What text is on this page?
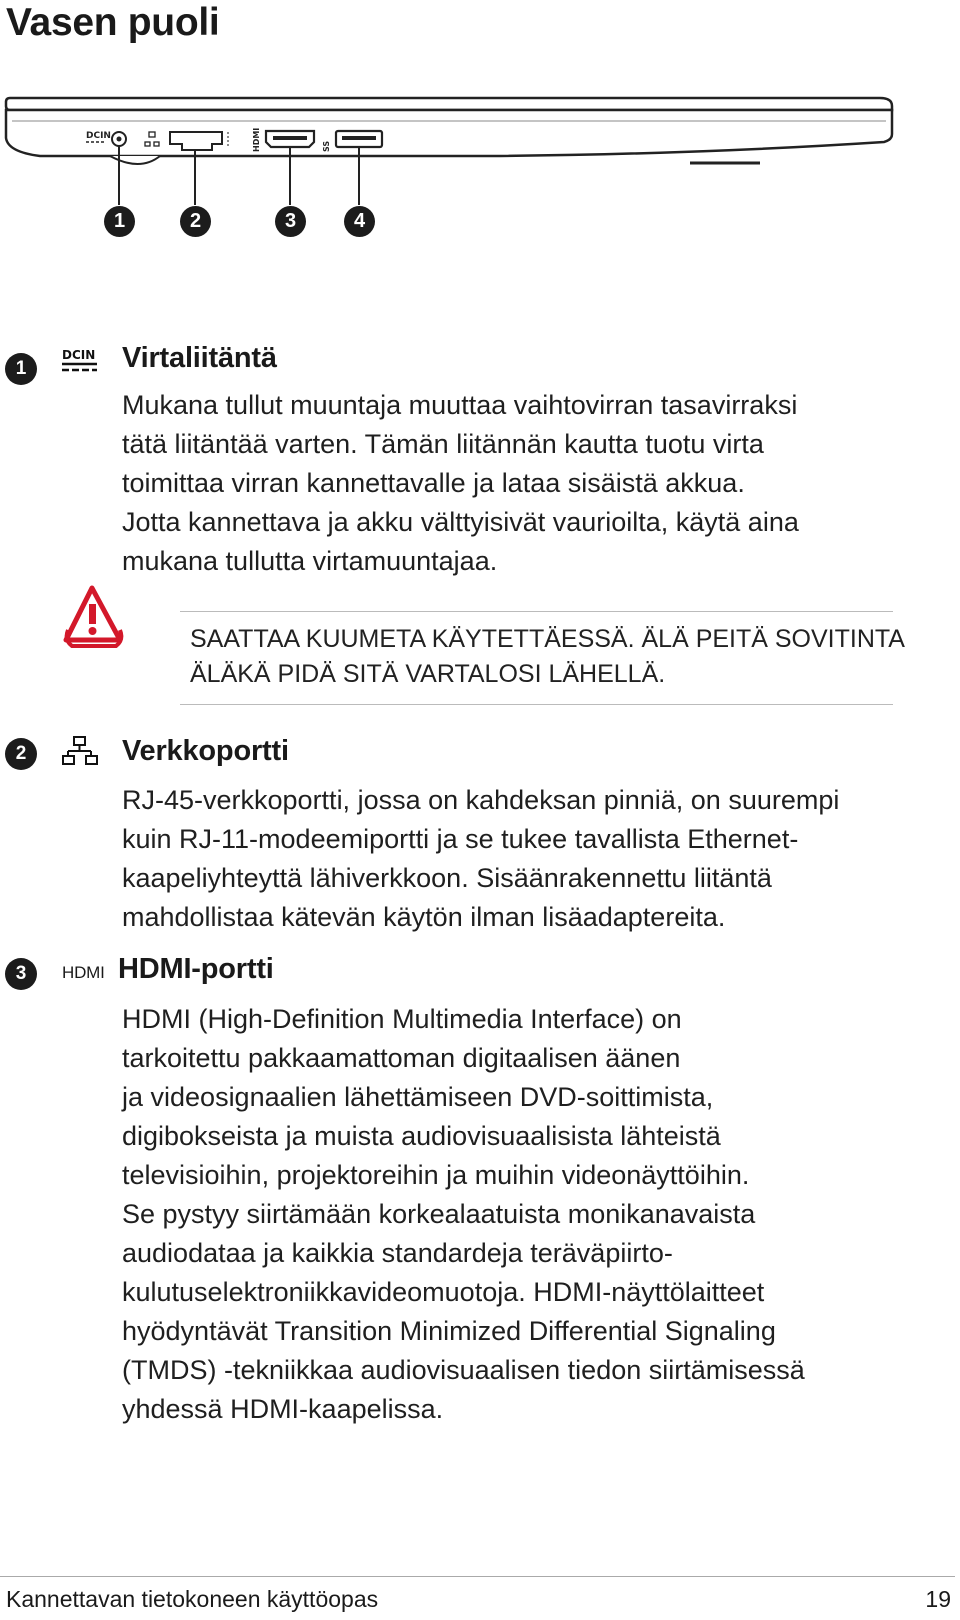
Vasen puoli
DCIN	HDMI	SS
1	2	3	4
1
DCIN Virtaliitäntä
Mukana tullut muuntaja muuttaa vaihtovirran tasavirraksi
tätä liitäntää varten. Tämän liitännän kautta tuotu virta
toimittaa virran kannettavalle ja lataa sisäistä akkua.
Jotta kannettava ja akku välttyisivät vaurioilta, käytä aina
mukana tullutta virtamuuntajaa.
SAATTAA KUUMETA KÄYTETTÄESSÄ. ÄLÄ PEITÄ SOVITINTA
ÄLÄKÄ PIDÄ SITÄ VARTALOSI LÄHELLÄ.
2	Verkkoportti
RJ-45-verkkoportti, jossa on kahdeksan pinniä, on suurempi
kuin RJ-11-modeemiportti ja se tukee tavallista Ethernet-
kaapeliyhteyttä lähiverkkoon. Sisäänrakennettu liitäntä
mahdollistaa kätevän käytön ilman lisäadaptereita.
3	HDMI HDMI-portti
HDMI (High-Definition Multimedia Interface) on
tarkoitettu pakkaamattoman digitaalisen äänen
ja videosignaalien lähettämiseen DVD-soittimista,
digibokseista ja muista audiovisuaalisista lähteistä
televisioihin, projektoreihin ja muihin videonäyttöihin.
Se pystyy siirtämään korkealaatuista monikanavaista
audiodataa ja kaikkia standardeja teräväpiirto-
kulutuselektroniikkavideomuotoja. HDMI-näyttölaitteet
hyödyntävät Transition Minimized Differential Signaling
(TMDS) -tekniikkaa audiovisuaalisen tiedon siirtämisessä
yhdessä HDMI-kaapelissa.
Kannettavan tietokoneen käyttöopas	19
